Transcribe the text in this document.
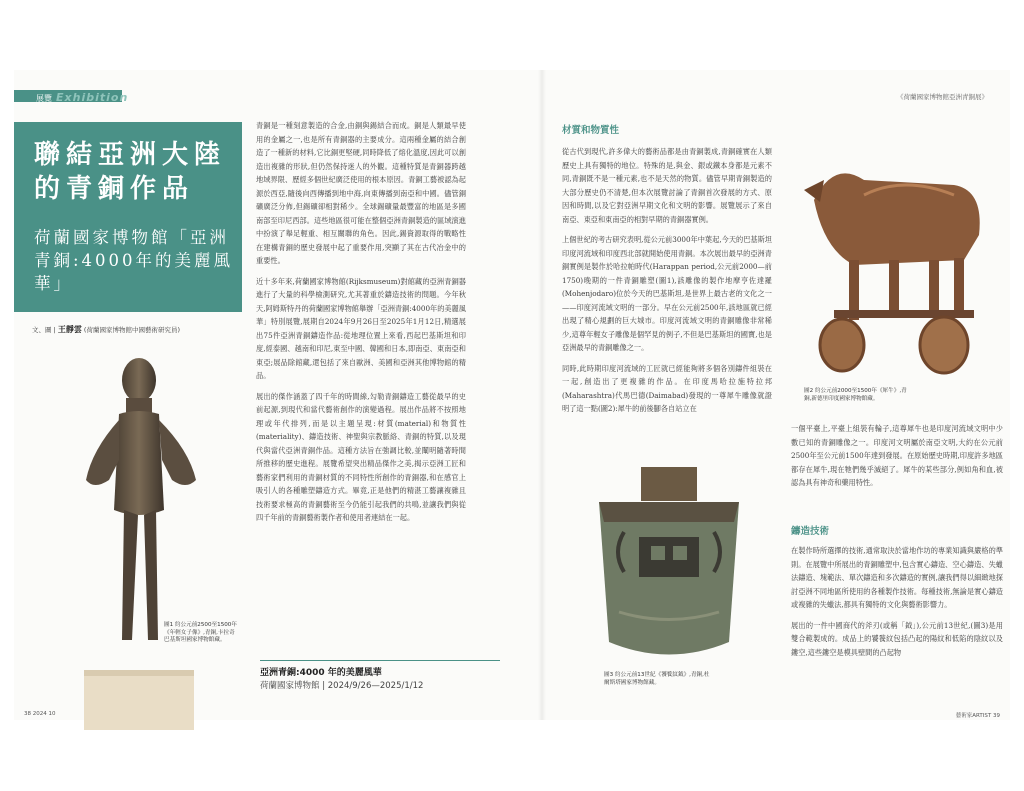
展覽 Exhibition	《荷蘭國家博物館亞洲青銅展》
聯結亞洲大陸的青銅作品
荷蘭國家博物館「亞洲青銅:4000年的美麗風華」
文、圖 | 王靜雲 (荷蘭國家博物館中國藝術研究員)
圖1 約公元前2500至1500年《年輕女子像》,青銅,卡拉奇巴基斯坦國家博物館藏。

青銅是一種刻意製造的合金,由銅與錫結合而成。銅是人類最早使用的金屬之一,也是所有青銅器的主要成分。這兩種金屬的結合創造了一種新的材料,它比銅更堅硬,同時降低了熔化溫度,因此可以創造出複雜的形狀,但仍然保持迷人的外觀。這種特質是青銅器跨越地域界限、歷經多個世紀廣泛使用的根本原因。青銅工藝被認為起源於西亞,隨後向西傳播到地中海,向東傳播到南亞和中國。儘管銅礦廣泛分佈,但錫礦卻相對稀少。全球錫礦量最豐富的地區是多國南部至印尼西部。這些地區很可能在整個亞洲青銅製造的區域演進中扮演了舉足輕重、相互關聯的角色。因此,錫資源取得的戰略性在建構青銅的歷史發展中起了重要作用,突顯了其在古代冶金中的重要性。

近十多年來,荷蘭國家博物館(Rijksmuseum)對館藏的亞洲青銅器進行了大量的科學檢測研究,尤其著重於鑄造技術的問題。今年秋天,阿姆斯特丹的荷蘭國家博物館舉辦「亞洲青銅:4000年的美麗風華」特別展覽,展期自2024年9月26日至2025年1月12日,精選展出75件亞洲青銅鑄造作品:從地理位置上來看,西起巴基斯坦和印度,經泰國、越南和印尼,東至中國、韓國和日本,即南亞、東南亞和東亞;展品除館藏,還包括了來自歐洲、美國和亞洲其他博物館的精品。

展出的傑作涵蓋了四千年的時間線,勾勒青銅鑄造工藝從最早的史前起源,到現代和當代藝術創作的演變過程。展出作品將不按照地理或年代排列,而是以主題呈現:材質(material)和物質性(materiality)、鑄造技術、神聖與宗教脈絡、青銅的特質,以及現代與當代亞洲青銅作品。這種方法旨在強調比較,並闡明隨著時間所推移的歷史進程。展覽希望突出精品傑作之美,揭示亞洲工匠和藝術家們利用的青銅材質的不同特性所創作的青銅器,和在感官上吸引人的各種雕塑鑄造方式。畢竟,正是他們的精湛工藝讓複雜且技術要求極高的青銅藝術至今仍能引起我們的共鳴,並讓我們與從四千年前的青銅藝術製作者和使用者連結在一起。

亞洲青銅:4000 年的美麗風華
荷蘭國家博物館 | 2024/9/26—2025/1/12
圖3 約公元前13世紀《饕餮紋鉞》,青銅,杜爾斯塔國家博物館藏。
材質和物質性

從古代到現代,許多偉大的藝術品都是由青銅製成,青銅確實在人類歷史上具有獨特的地位。特殊的是,與金、銀或鐵本身都是元素不同,青銅既不是一種元素,也不是天然的物質。儘管早期青銅製造的大部分歷史仍不清楚,但本次展覽討論了青銅首次發展的方式、原因和時間,以及它對亞洲早期文化和文明的影響。展覽展示了來自南亞、東亞和東南亞的相對早期的青銅器實例。

上個世紀的考古研究表明,從公元前3000年中葉起,今天的巴基斯坦印度河流域和印度西北部就開始使用青銅。本次展出最早的亞洲青銅實例是製作於哈拉帕時代(Harappan period,公元前2000—前1750)晚期的一件青銅雕塑(圖1),該雕像的製作地摩亨佐達羅(Mohenjodaro)位於今天的巴基斯坦,是世界上最古老的文化之一——印度河流域文明的一部分。早在公元前2500年,該地區就已經出現了精心規劃的巨大城市。印度河流域文明的青銅雕像非常稀少,這尊年輕女子雕像是個罕見的例子,不但是巴基斯坦的國寶,也是亞洲最早的青銅雕像之一。

同時,此時期印度河流域的工匠就已經能夠將多個各別鑄件組裝在一起,創造出了更複雜的作品。在印度馬哈拉施特拉邦(Maharashtra)代馬巴德(Daimabad)發現的一尊犀牛雕像就證明了這一點(圖2):犀牛的前後腳各自站立在

圖2 約公元前2000至1500年《犀牛》,青銅,新德里印度國家博物館藏。
一個平臺上,平臺上組裝有輪子,這尊犀牛也是印度河流域文明中少數已知的青銅雕像之一。印度河文明屬於南亞文明,大約在公元前2500年至公元前1500年達到發展。在原始歷史時期,印度許多地區都存在犀牛,現在牠們幾乎滅絕了。犀牛的某些部分,例如角和血,被認為具有神奇和藥用特性。
鑄造技術

在製作時所選擇的技術,通常取決於當地作坊的專業知識與嚴格的準則。在展覽中所展出的青銅雕塑中,包含實心鑄造、空心鑄造、失蠟法鑄造、塊範法、單次鑄造和多次鑄造的實例,讓我們得以細緻地探討亞洲不同地區所使用的各種製作技術。每種技術,無論是實心鑄造或複雜的失蠟法,都具有獨特的文化與藝術影響力。

展出的一件中國商代的斧刃(或稱「鉞」),公元前13世紀,(圖3)是用雙合範製成的。成品上的饕餮紋包括凸起的陽紋和低陷的陰紋以及鏤空,這些鏤空是模具壁間的凸起物

38 2024 10	藝術家ARTIST 39
